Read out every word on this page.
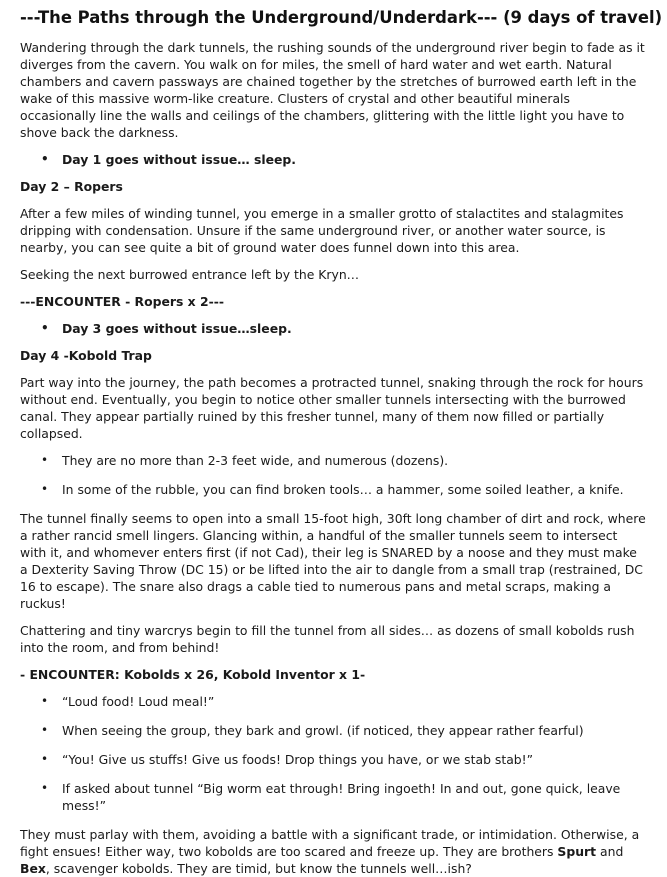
---The Paths through the Underground/Underdark--- (9 days of travel)

Wandering through the dark tunnels, the rushing sounds of the underground river begin to fade as it diverges from the cavern. You walk on for miles, the smell of hard water and wet earth. Natural chambers and cavern passways are chained together by the stretches of burrowed earth left in the wake of this massive worm-like creature. Clusters of crystal and other beautiful minerals occasionally line the walls and ceilings of the chambers, glittering with the little light you have to shove back the darkness.

• Day 1 goes without issue… sleep.
Day 2 – Ropers

After a few miles of winding tunnel, you emerge in a smaller grotto of stalactites and stalagmites dripping with condensation. Unsure if the same underground river, or another water source, is nearby, you can see quite a bit of ground water does funnel down into this area.

Seeking the next burrowed entrance left by the Kryn…

---ENCOUNTER - Ropers x 2---
• Day 3 goes without issue…sleep.
Day 4 -Kobold Trap

Part way into the journey, the path becomes a protracted tunnel, snaking through the rock for hours without end. Eventually, you begin to notice other smaller tunnels intersecting with the burrowed canal. They appear partially ruined by this fresher tunnel, many of them now filled or partially collapsed.

• They are no more than 2-3 feet wide, and numerous (dozens).
• In some of the rubble, you can find broken tools… a hammer, some soiled leather, a knife.

The tunnel finally seems to open into a small 15-foot high, 30ft long chamber of dirt and rock, where a rather rancid smell lingers. Glancing within, a handful of the smaller tunnels seem to intersect with it, and whomever enters first (if not Cad), their leg is SNARED by a noose and they must make a Dexterity Saving Throw (DC 15) or be lifted into the air to dangle from a small trap (restrained, DC 16 to escape). The snare also drags a cable tied to numerous pans and metal scraps, making a ruckus!

Chattering and tiny warcrys begin to fill the tunnel from all sides… as dozens of small kobolds rush into the room, and from behind!

- ENCOUNTER: Kobolds x 26, Kobold Inventor x 1-
• “Loud food! Loud meal!”
• When seeing the group, they bark and growl. (if noticed, they appear rather fearful)
• “You! Give us stuffs! Give us foods! Drop things you have, or we stab stab!”
• If asked about tunnel “Big worm eat through! Bring ingoeth! In and out, gone quick, leave mess!”

They must parlay with them, avoiding a battle with a significant trade, or intimidation. Otherwise, a fight ensues! Either way, two kobolds are too scared and freeze up. They are brothers Spurt and Bex, scavenger kobolds. They are timid, but know the tunnels well…ish?
